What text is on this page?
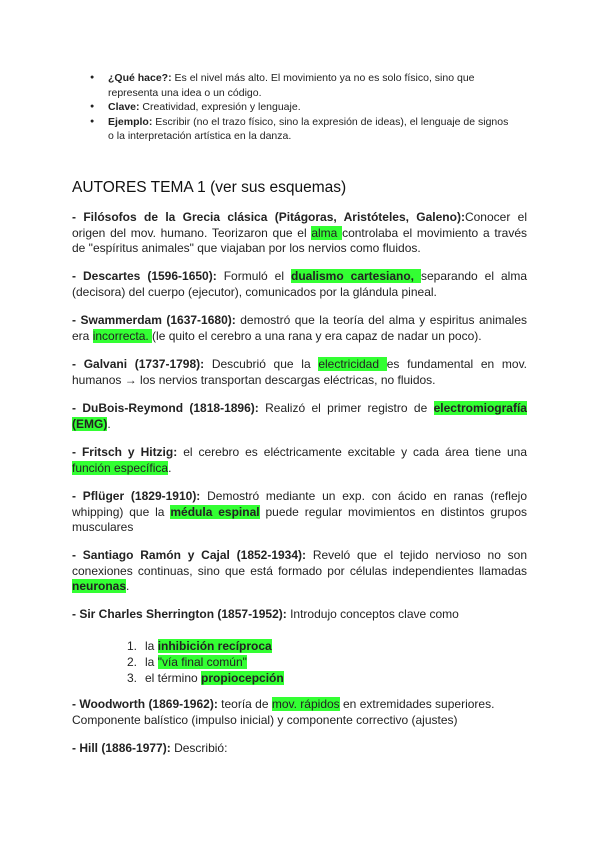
● ¿Qué hace?: Es el nivel más alto. El movimiento ya no es solo físico, sino que representa una idea o un código.
● Clave: Creatividad, expresión y lenguaje.
● Ejemplo: Escribir (no el trazo físico, sino la expresión de ideas), el lenguaje de signos o la interpretación artística en la danza.
AUTORES TEMA 1 (ver sus esquemas)

- Filósofos de la Grecia clásica (Pitágoras, Aristóteles, Galeno):Conocer el origen del mov. humano. Teorizaron que el alma controlaba el movimiento a través de "espíritus animales" que viajaban por los nervios como fluidos.

- Descartes (1596-1650): Formuló el dualismo cartesiano, separando el alma (decisora) del cuerpo (ejecutor), comunicados por la glándula pineal.

- Swammerdam (1637-1680): demostró que la teoría del alma y espiritus animales era incorrecta. (le quito el cerebro a una rana y era capaz de nadar un poco).

- Galvani (1737-1798): Descubrió que la electricidad es fundamental en mov. humanos → los nervios transportan descargas eléctricas, no fluidos.

- DuBois-Reymond (1818-1896): Realizó el primer registro de electromiografía (EMG).

- Fritsch y Hitzig: el cerebro es eléctricamente excitable y cada área tiene una función específica.

- Pflüger (1829-1910): Demostró mediante un exp. con ácido en ranas (reflejo whipping) que la médula espinal puede regular movimientos en distintos grupos musculares

- Santiago Ramón y Cajal (1852-1934): Reveló que el tejido nervioso no son conexiones continuas, sino que está formado por células independientes llamadas neuronas.

- Sir Charles Sherrington (1857-1952): Introdujo conceptos clave como

1. la inhibición recíproca
2. la "vía final común"
3. el término propiocepción

- Woodworth (1869-1962): teoría de mov. rápidos en extremidades superiores. Componente balístico (impulso inicial) y componente correctivo (ajustes)

- Hill (1886-1977): Describió:
